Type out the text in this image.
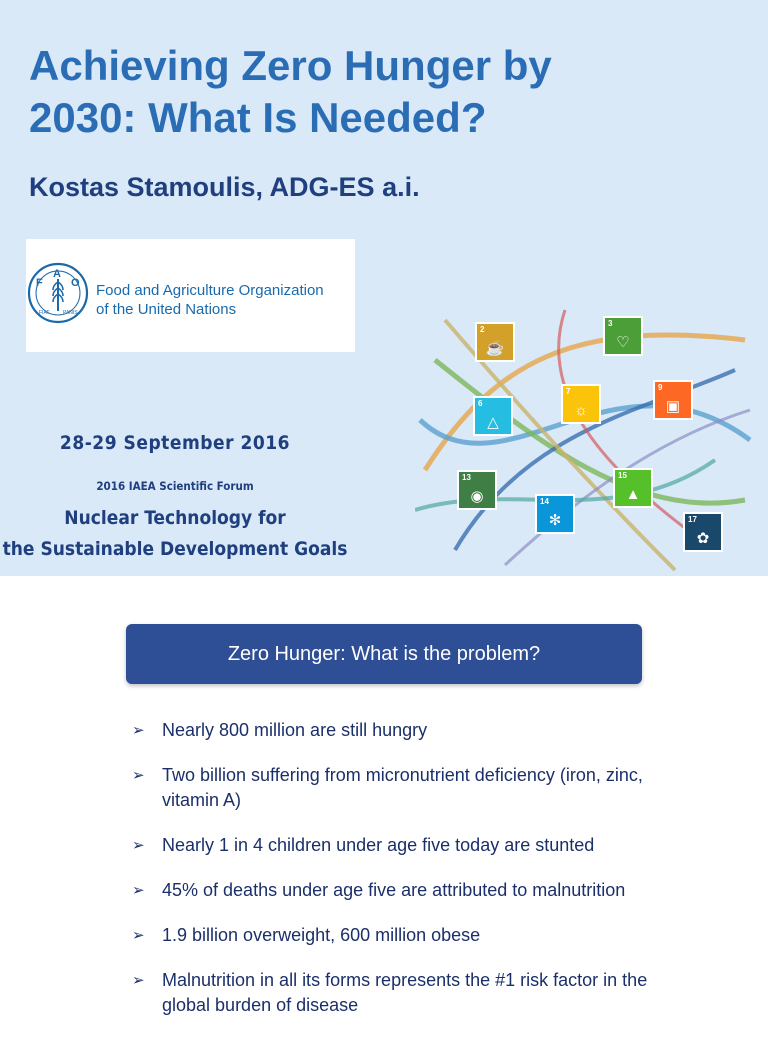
Achieving Zero Hunger by
2030: What Is Needed?
Kostas Stamoulis, ADG-ES a.i.
F
A
O
FIAT	PANIS
Food and Agriculture Organization
of the United Nations
28-29 September 2016
2016 IAEA Scientific Forum
Nuclear Technology for
the Sustainable Development Goals
2
☕
3
♡
6
△
7
☼
9
▣
13
◉	14
✻
15
▲
17
✿
Zero Hunger: What is the problem?
➢ Nearly 800 million are still hungry
➢ Two billion suffering from micronutrient deficiency (iron, zinc, vitamin A)
➢ Nearly 1 in 4 children under age five today are stunted
➢ 45% of deaths under age five are attributed to malnutrition
➢ 1.9 billion overweight, 600 million obese
➢ Malnutrition in all its forms represents the #1 risk factor in the global burden of disease
